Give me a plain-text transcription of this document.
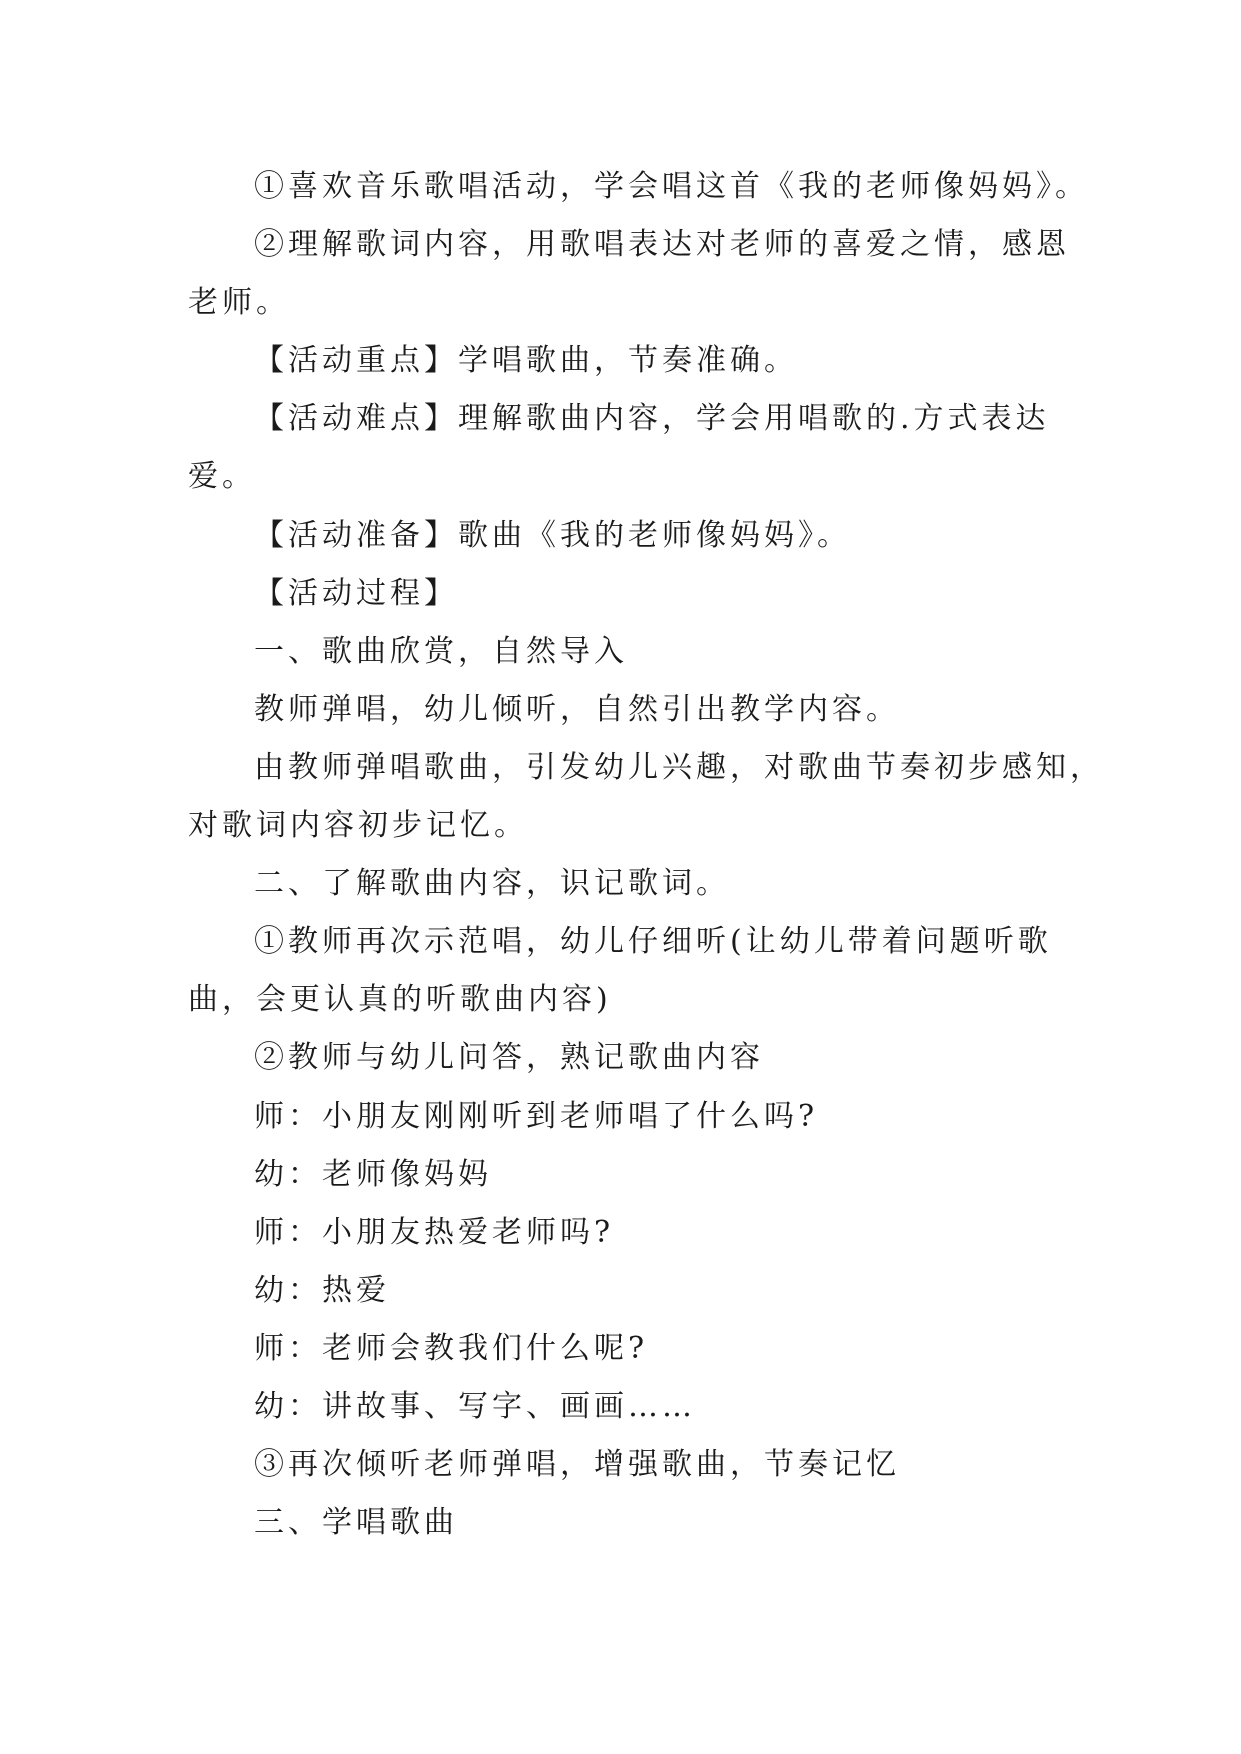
①喜欢音乐歌唱活动，学会唱这首《我的老师像妈妈》。
②理解歌词内容，用歌唱表达对老师的喜爱之情，感恩
老师。
【活动重点】学唱歌曲，节奏准确。
【活动难点】理解歌曲内容，学会用唱歌的.方式表达
爱。
【活动准备】歌曲《我的老师像妈妈》。
【活动过程】
一、歌曲欣赏，自然导入
教师弹唱，幼儿倾听，自然引出教学内容。
由教师弹唱歌曲，引发幼儿兴趣，对歌曲节奏初步感知，
对歌词内容初步记忆。
二、了解歌曲内容，识记歌词。
①教师再次示范唱，幼儿仔细听(让幼儿带着问题听歌
曲，会更认真的听歌曲内容)
②教师与幼儿问答，熟记歌曲内容
师：小朋友刚刚听到老师唱了什么吗?
幼：老师像妈妈
师：小朋友热爱老师吗?
幼：热爱
师：老师会教我们什么呢?
幼：讲故事、写字、画画……
③再次倾听老师弹唱，增强歌曲，节奏记忆
三、学唱歌曲
